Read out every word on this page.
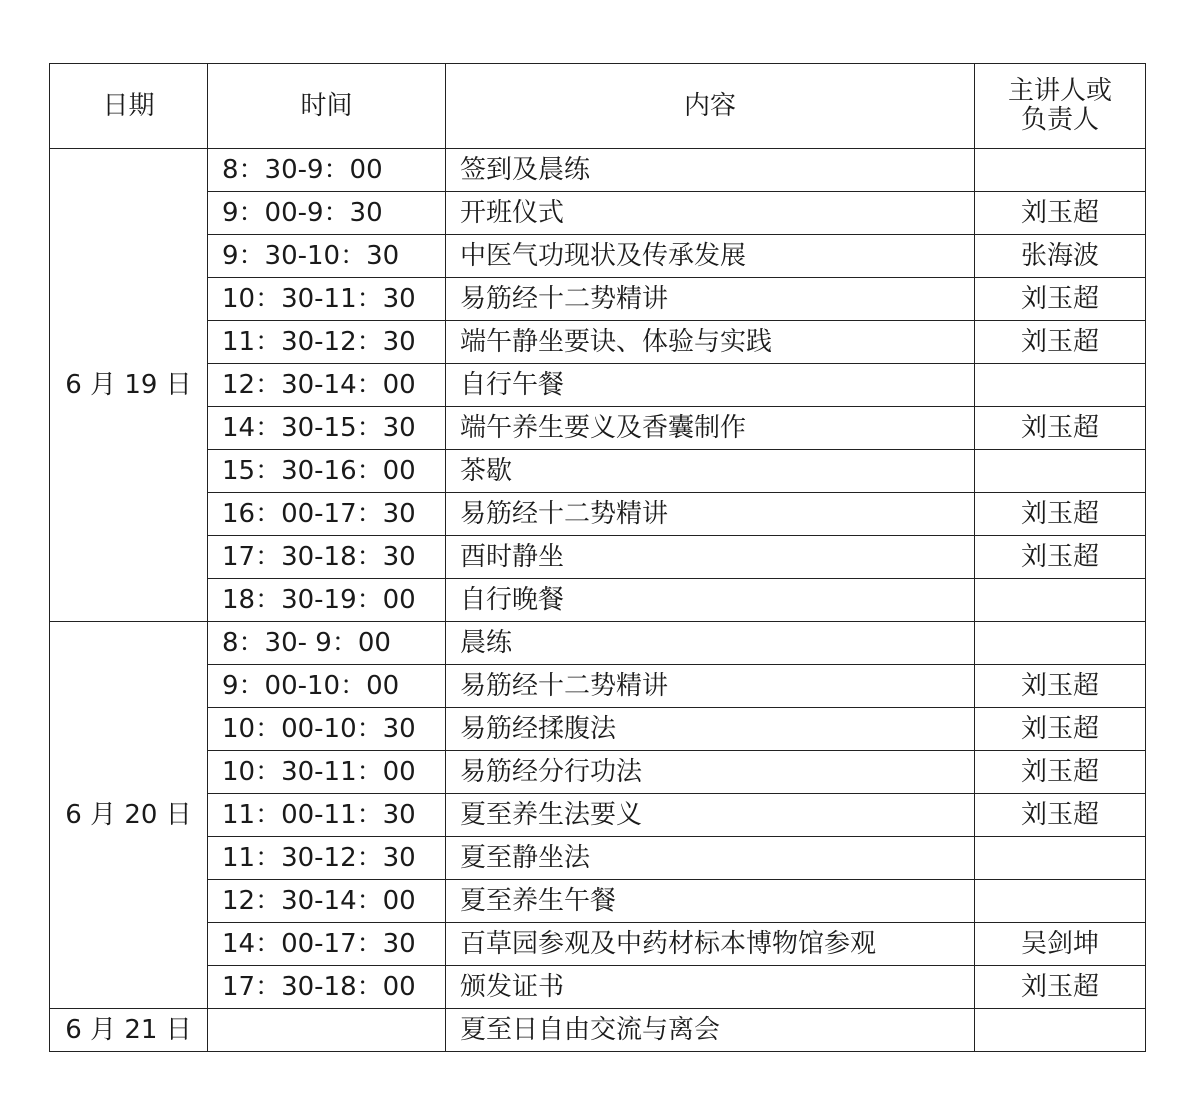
日期	时间	内容	主讲人或
负责人

6 月 19 日	8：30-9：00	签到及晨练	
	9：00-9：30	开班仪式	刘玉超
	9：30-10：30	中医气功现状及传承发展	张海波
	10：30-11：30	易筋经十二势精讲	刘玉超
	11：30-12：30	端午静坐要诀、体验与实践	刘玉超
	12：30-14：00	自行午餐	
	14：30-15：30	端午养生要义及香囊制作	刘玉超
	15：30-16：00	茶歇	
	16：00-17：30	易筋经十二势精讲	刘玉超
	17：30-18：30	酉时静坐	刘玉超
	18：30-19：00	自行晚餐	
6 月 20 日	8：30- 9：00	晨练	
	9：00-10：00	易筋经十二势精讲	刘玉超
	10：00-10：30	易筋经揉腹法	刘玉超
	10：30-11：00	易筋经分行功法	刘玉超
	11：00-11：30	夏至养生法要义	刘玉超
	11：30-12：30	夏至静坐法	
	12：30-14：00	夏至养生午餐	
	14：00-17：30	百草园参观及中药材标本博物馆参观	吴剑坤
	17：30-18：00	颁发证书	刘玉超
6 月 21 日		夏至日自由交流与离会	
